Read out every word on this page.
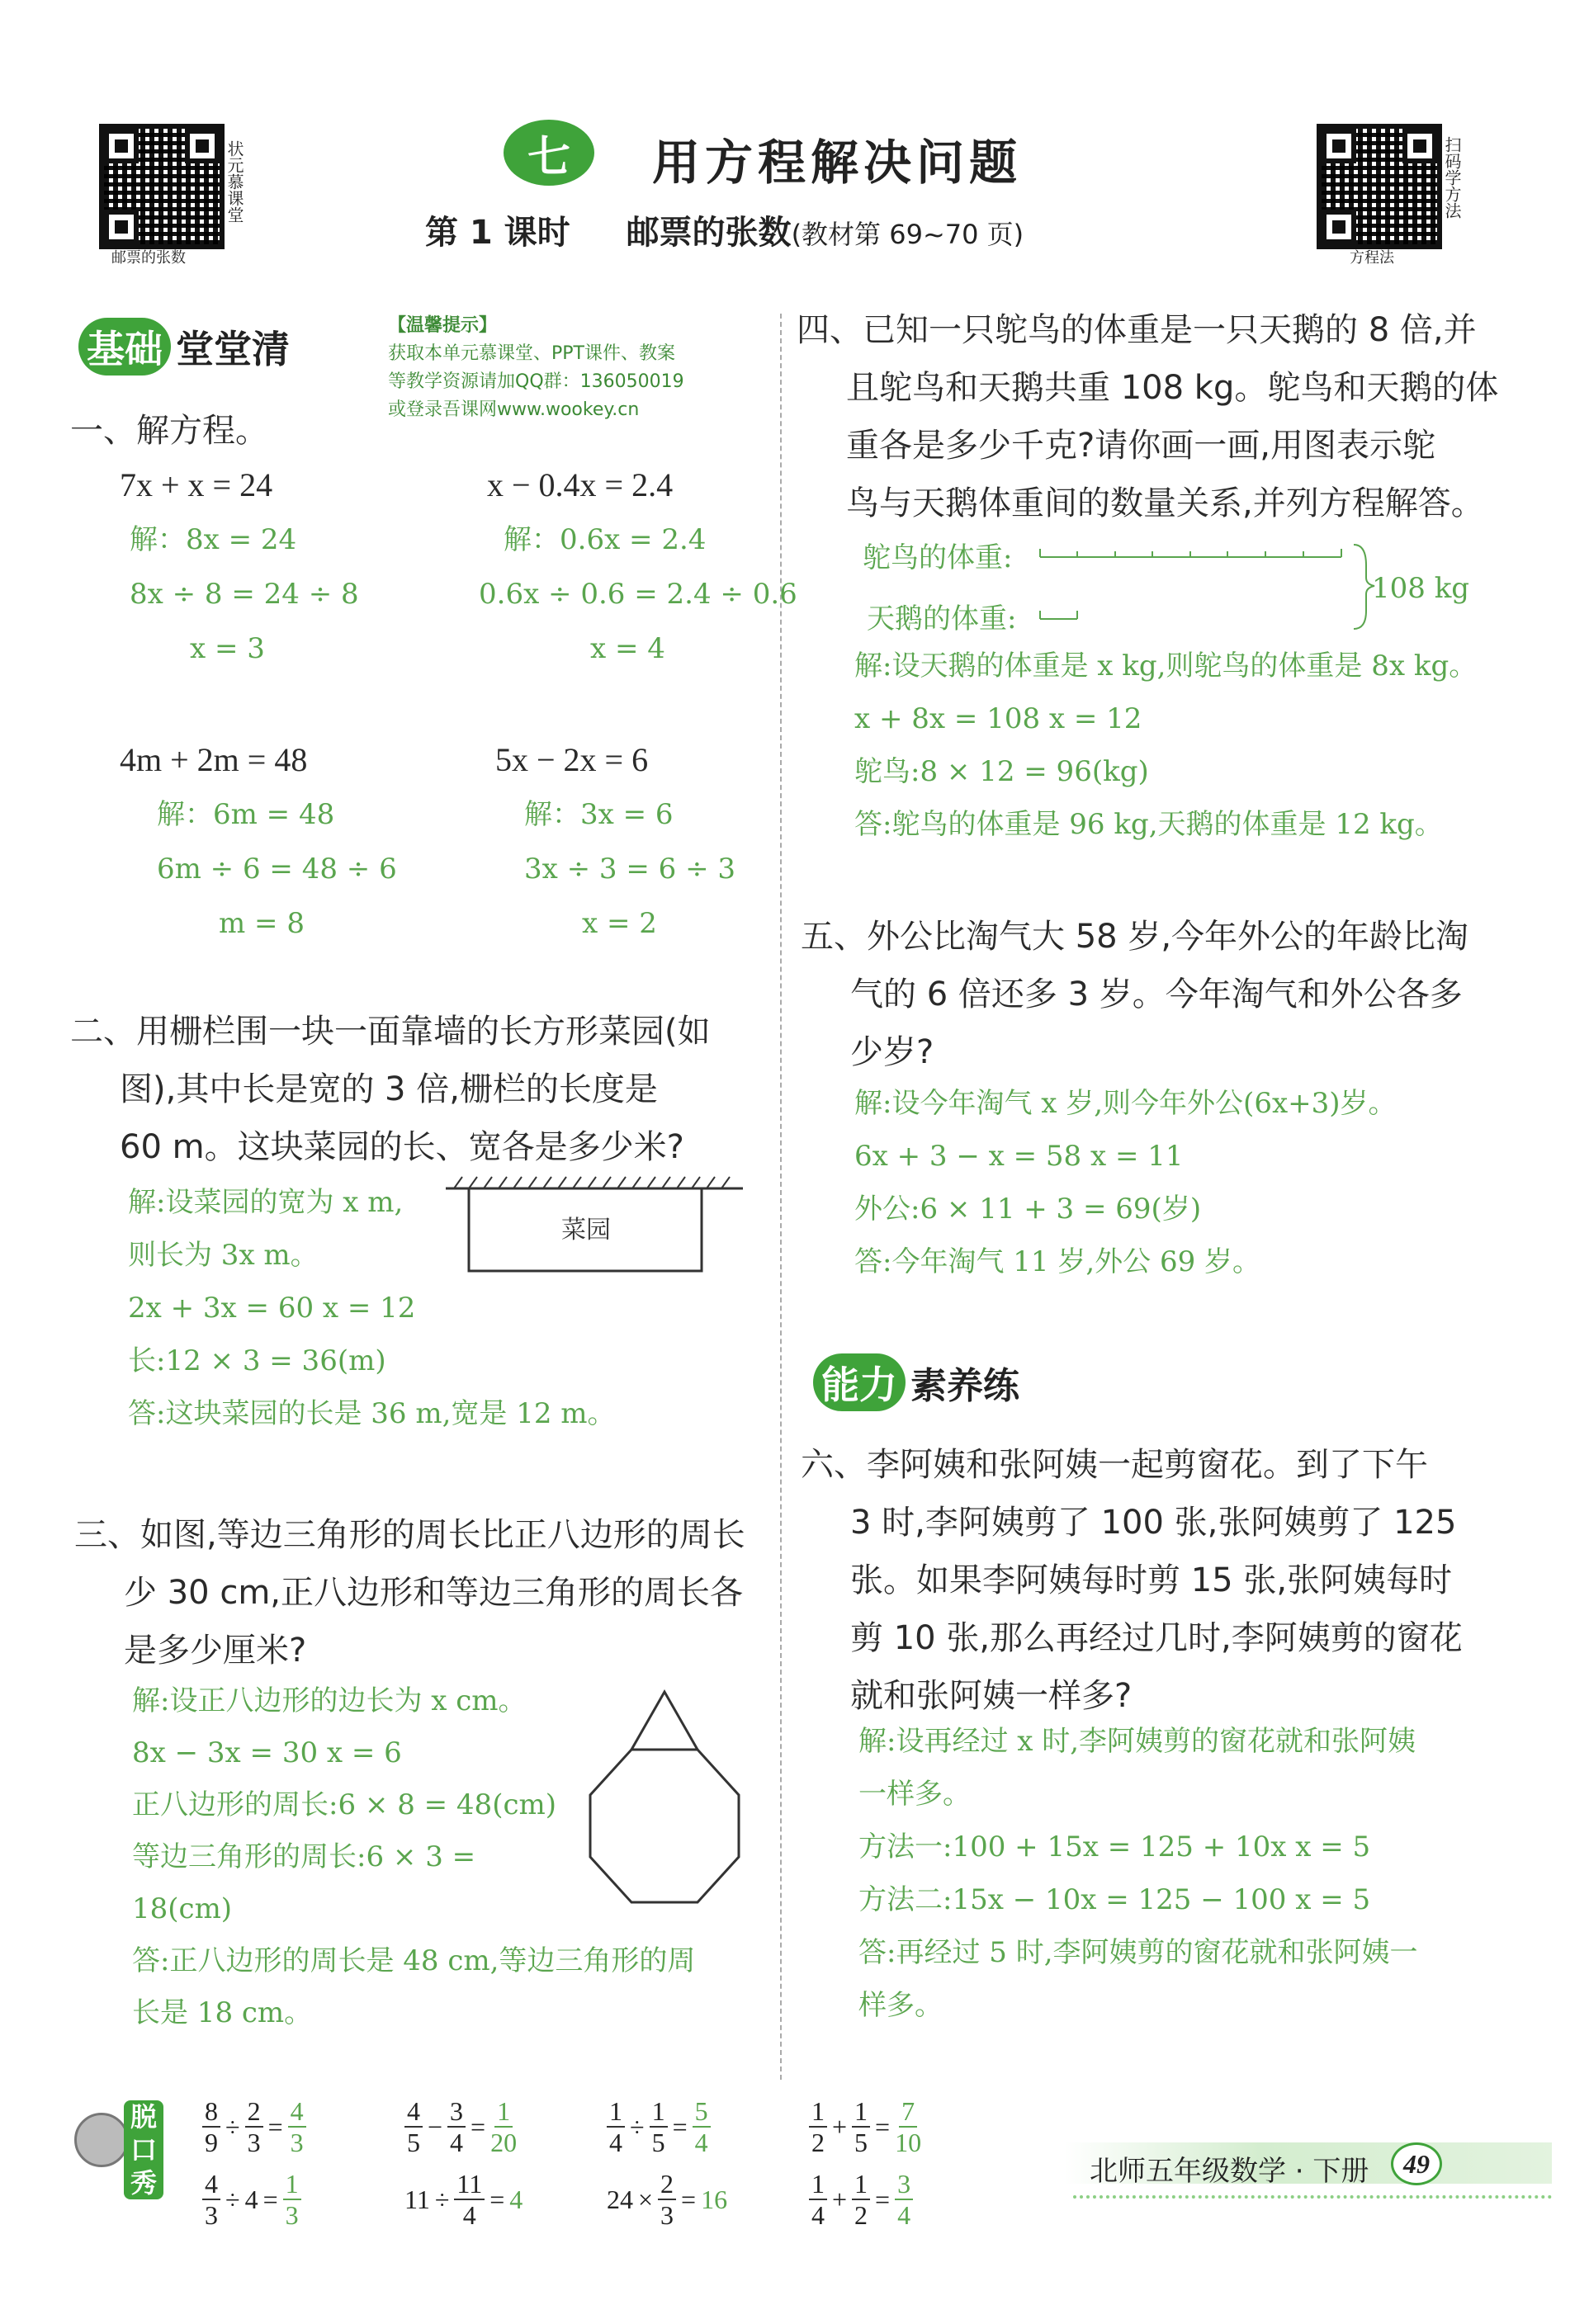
状元慕课堂
邮票的张数
七 用方程解决问题
第 1 课时 邮票的张数(教材第 69~70 页)
扫码学方法
方程法
基础 堂堂清
【温馨提示】
获取本单元慕课堂、PPT课件、教案
等教学资源请加QQ群：136050019
或登录吾课网www.wookey.cn
一、解方程。
7x + x = 24
解：8x = 24
8x ÷ 8 = 24 ÷ 8
x = 3
x − 0.4x = 2.4
解：0.6x = 2.4
0.6x ÷ 0.6 = 2.4 ÷ 0.6
x = 4
4m + 2m = 48
解：6m = 48
6m ÷ 6 = 48 ÷ 6
m = 8
5x − 2x = 6
解：3x = 6
3x ÷ 3 = 6 ÷ 3
x = 2
二、用栅栏围一块一面靠墙的长方形菜园(如
图),其中长是宽的 3 倍,栅栏的长度是
60 m。这块菜园的长、宽各是多少米?
解:设菜园的宽为 x m,
则长为 3x m。
2x + 3x = 60 x = 12
长:12 × 3 = 36(m)
答:这块菜园的长是 36 m,宽是 12 m。
菜园
三、如图,等边三角形的周长比正八边形的周长
少 30 cm,正八边形和等边三角形的周长各
是多少厘米?
解:设正八边形的边长为 x cm。
8x − 3x = 30 x = 6
正八边形的周长:6 × 8 = 48(cm)
等边三角形的周长:6 × 3 =
18(cm)
答:正八边形的周长是 48 cm,等边三角形的周
长是 18 cm。
四、已知一只鸵鸟的体重是一只天鹅的 8 倍,并
且鸵鸟和天鹅共重 108 kg。鸵鸟和天鹅的体
重各是多少千克?请你画一画,用图表示鸵
鸟与天鹅体重间的数量关系,并列方程解答。
鸵鸟的体重:
天鹅的体重:
108 kg
解:设天鹅的体重是 x kg,则鸵鸟的体重是 8x kg。
x + 8x = 108 x = 12
鸵鸟:8 × 12 = 96(kg)
答:鸵鸟的体重是 96 kg,天鹅的体重是 12 kg。
五、外公比淘气大 58 岁,今年外公的年龄比淘
气的 6 倍还多 3 岁。今年淘气和外公各多
少岁?
解:设今年淘气 x 岁,则今年外公(6x+3)岁。
6x + 3 − x = 58 x = 11
外公:6 × 11 + 3 = 69(岁)
答:今年淘气 11 岁,外公 69 岁。
能力 素养练
六、李阿姨和张阿姨一起剪窗花。到了下午
3 时,李阿姨剪了 100 张,张阿姨剪了 125
张。如果李阿姨每时剪 15 张,张阿姨每时
剪 10 张,那么再经过几时,李阿姨剪的窗花
就和张阿姨一样多?
解:设再经过 x 时,李阿姨剪的窗花就和张阿姨
一样多。
方法一:100 + 15x = 125 + 10x x = 5
方法二:15x − 10x = 125 − 100 x = 5
答:再经过 5 时,李阿姨剪的窗花就和张阿姨一
样多。
脱
口
秀
$\frac{8}{9} \div \frac{2}{3} = \frac{4}{3}$
$\frac{4}{3} \div 4 = \frac{1}{3}$
$\frac{4}{5} - \frac{3}{4} = \frac{1}{20}$
$11 \div \frac{11}{4} = 4$
$\frac{1}{4} \div \frac{1}{5} = \frac{5}{4}$
$24 \times \frac{2}{3} = 16$
$\frac{1}{2} + \frac{1}{5} = \frac{7}{10}$
$\frac{1}{4} + \frac{1}{2} = \frac{3}{4}$	北师五年级数学 · 下册	49
